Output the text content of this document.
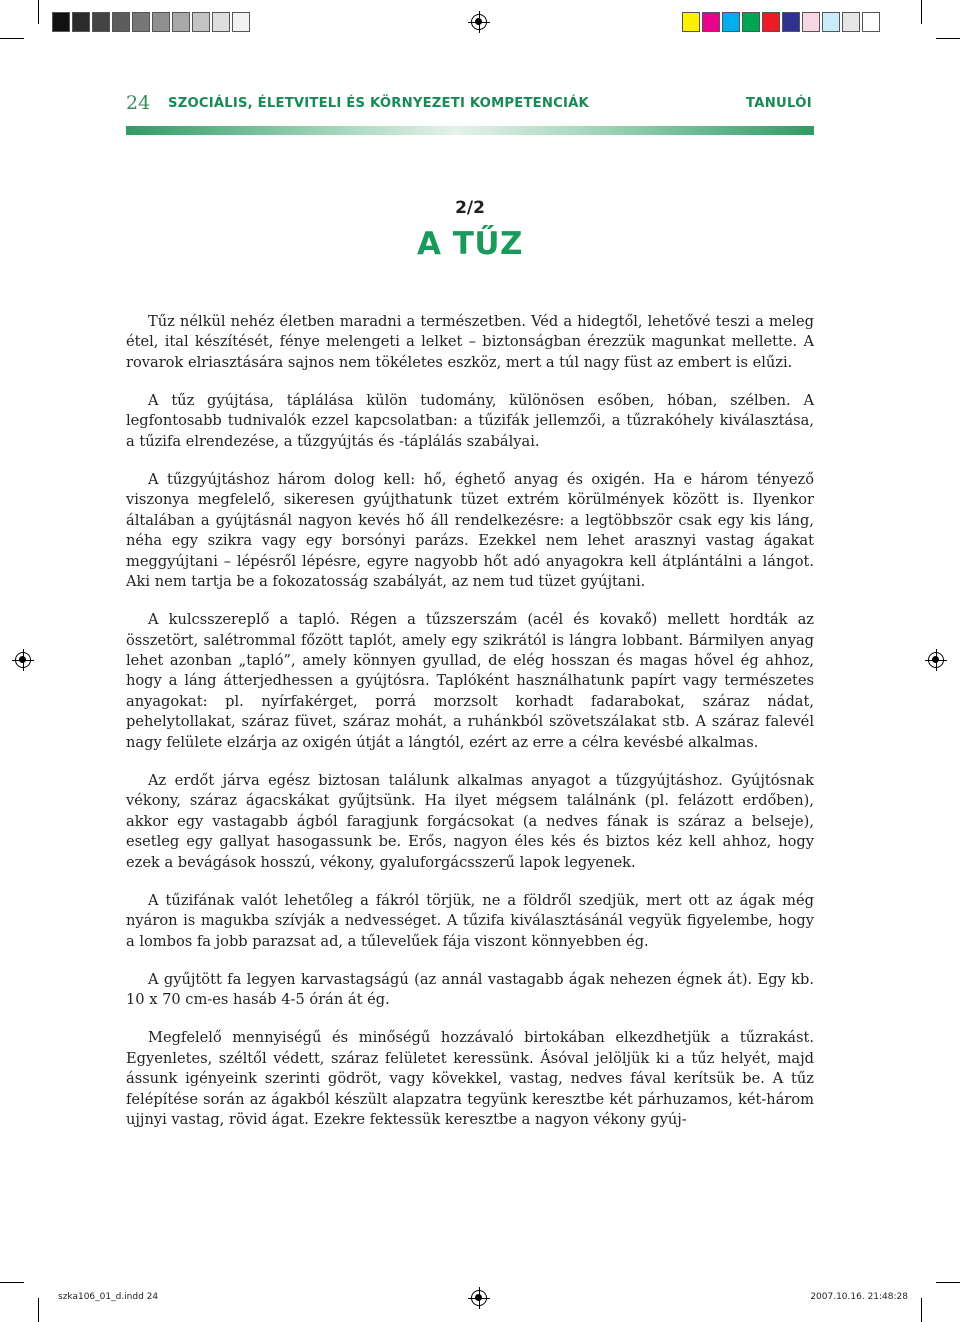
24 SZOCIÁLIS, ÉLETVITELI ÉS KÖRNYEZETI KOMPETENCIÁK	TANULÓI
2/2
A TŰZ

Tűz nélkül nehéz életben maradni a természetben. Véd a hidegtől, lehetővé teszi a meleg étel, ital készítését, fénye melengeti a lelket – biztonságban érezzük magunkat mellette. A rovarok elriasztására sajnos nem tökéletes eszköz, mert a túl nagy füst az embert is elűzi.

A tűz gyújtása, táplálása külön tudomány, különösen esőben, hóban, szélben. A legfontosabb tudnivalók ezzel kapcsolatban: a tűzifák jellemzői, a tűzrakóhely kiválasztása, a tűzifa elrendezése, a tűzgyújtás és -táplálás szabályai.

A tűzgyújtáshoz három dolog kell: hő, éghető anyag és oxigén. Ha e három tényező viszonya megfelelő, sikeresen gyújthatunk tüzet extrém körülmények között is. Ilyenkor általában a gyújtásnál nagyon kevés hő áll rendelkezésre: a legtöbbször csak egy kis láng, néha egy szikra vagy egy borsónyi parázs. Ezekkel nem lehet arasznyi vastag ágakat meggyújtani – lépésről lépésre, egyre nagyobb hőt adó anyagokra kell átplántálni a lángot. Aki nem tartja be a fokozatosság szabályát, az nem tud tüzet gyújtani.

A kulcsszereplő a tapló. Régen a tűzszerszám (acél és kovakő) mellett hordták az összetört, salétrommal főzött taplót, amely egy szikrától is lángra lobbant. Bármilyen anyag lehet azonban „tapló”, amely könnyen gyullad, de elég hosszan és magas hővel ég ahhoz, hogy a láng átterjedhessen a gyújtósra. Taplóként használhatunk papírt vagy természetes anyagokat: pl. nyírfakérget, porrá morzsolt korhadt fadarabokat, száraz nádat, pehelytollakat, száraz füvet, száraz mohát, a ruhánkból szövetszálakat stb. A száraz falevél nagy felülete elzárja az oxigén útját a lángtól, ezért az erre a célra kevésbé alkalmas.

Az erdőt járva egész biztosan találunk alkalmas anyagot a tűzgyújtáshoz. Gyújtósnak vékony, száraz ágacskákat gyűjtsünk. Ha ilyet mégsem találnánk (pl. felázott erdőben), akkor egy vastagabb ágból faragjunk forgácsokat (a nedves fának is száraz a belseje), esetleg egy gallyat hasogassunk be. Erős, nagyon éles kés és biztos kéz kell ahhoz, hogy ezek a bevágások hosszú, vékony, gyaluforgácsszerű lapok legyenek.

A tűzifának valót lehetőleg a fákról törjük, ne a földről szedjük, mert ott az ágak még nyáron is magukba szívják a nedvességet. A tűzifa kiválasztásánál vegyük figyelembe, hogy a lombos fa jobb parazsat ad, a tűlevelűek fája viszont könnyebben ég.

A gyűjtött fa legyen karvastagságú (az annál vastagabb ágak nehezen égnek át). Egy kb. 10 x 70 cm-es hasáb 4-5 órán át ég.

Megfelelő mennyiségű és minőségű hozzávaló birtokában elkezdhetjük a tűzrakást. Egyenletes, széltől védett, száraz felületet keressünk. Ásóval jelöljük ki a tűz helyét, majd ássunk igényeink szerinti gödröt, vagy kövekkel, vastag, nedves fával kerítsük be. A tűz felépítése során az ágakból készült alapzatra tegyünk keresztbe két párhuzamos, két-három ujjnyi vastag, rövid ágat. Ezekre fektessük keresztbe a nagyon vékony gyúj-

szka106_01_d.indd 24	2007.10.16. 21:48:28
